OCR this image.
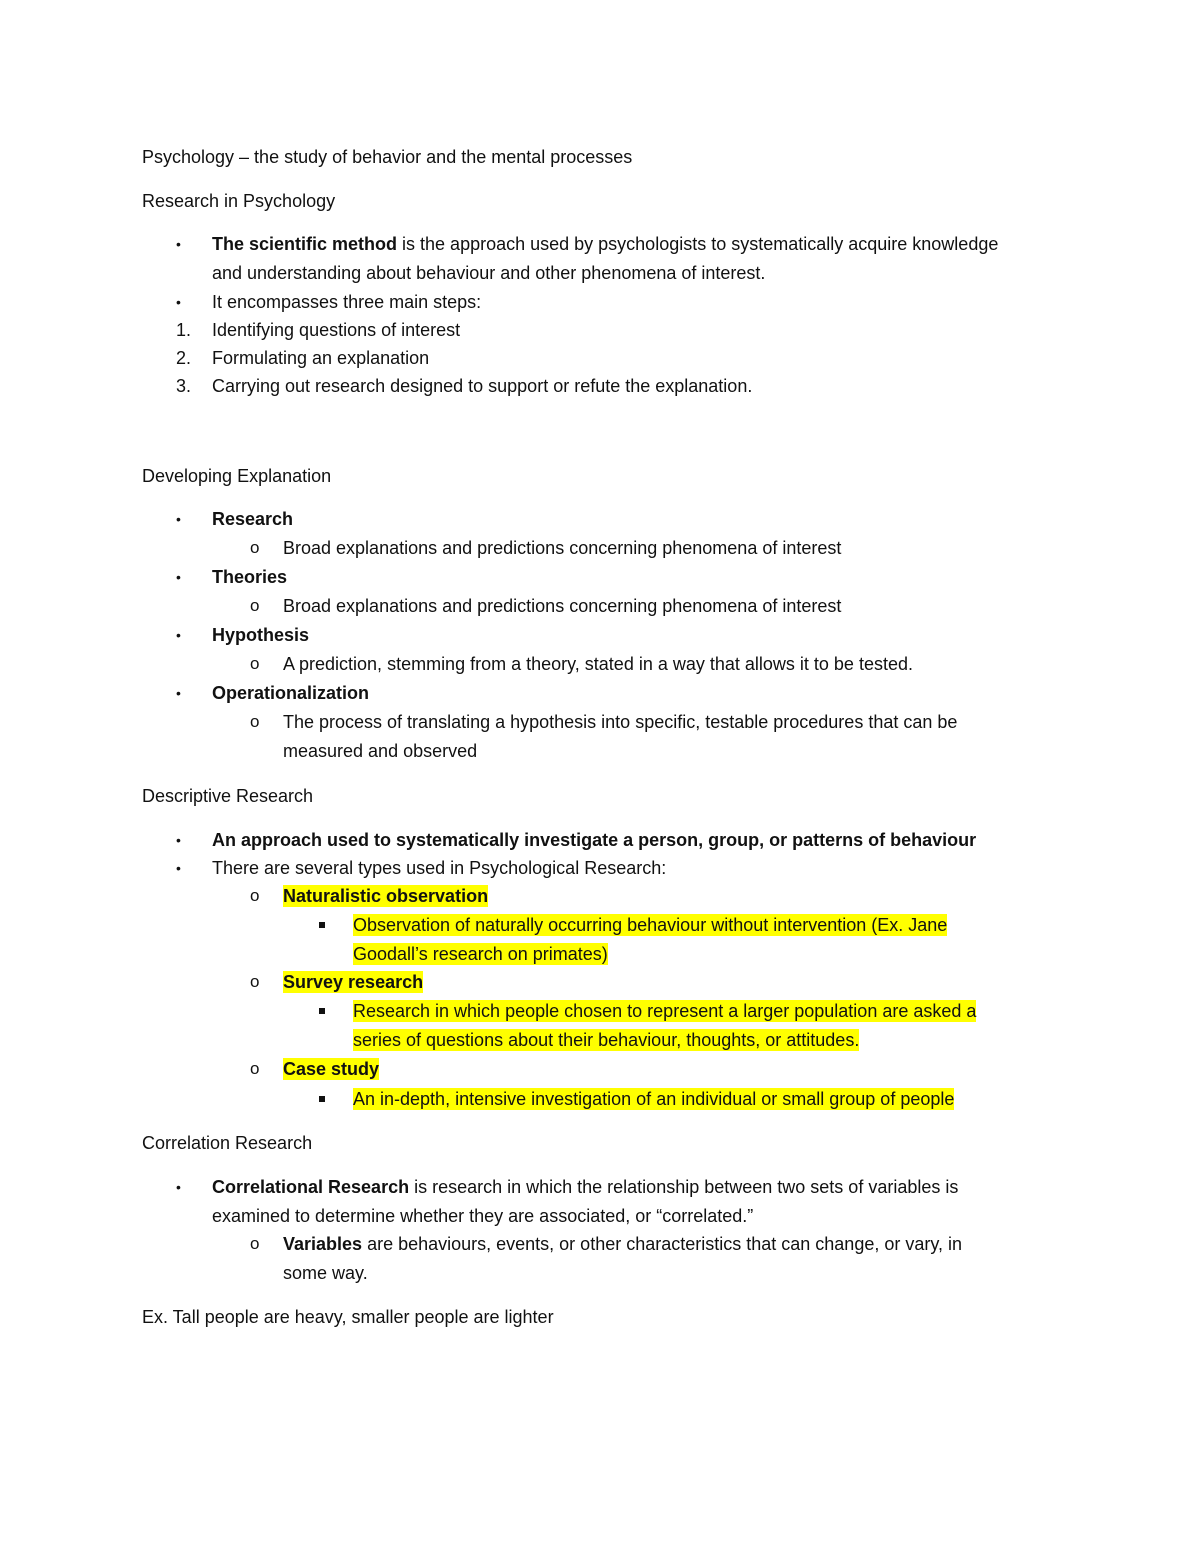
Psychology – the study of behavior and the mental processes
Research in Psychology
• The scientific method is the approach used by psychologists to systematically acquire knowledge
and understanding about behaviour and other phenomena of interest.
• It encompasses three main steps:
1. Identifying questions of interest
2. Formulating an explanation
3. Carrying out research designed to support or refute the explanation.
Developing Explanation
• Research
o Broad explanations and predictions concerning phenomena of interest
• Theories
o Broad explanations and predictions concerning phenomena of interest
• Hypothesis
o A prediction, stemming from a theory, stated in a way that allows it to be tested.
• Operationalization
o The process of translating a hypothesis into specific, testable procedures that can be
measured and observed
Descriptive Research
• An approach used to systematically investigate a person, group, or patterns of behaviour
• There are several types used in Psychological Research:
o Naturalistic observation
Observation of naturally occurring behaviour without intervention (Ex. Jane
Goodall’s research on primates)
o Survey research
Research in which people chosen to represent a larger population are asked a
series of questions about their behaviour, thoughts, or attitudes.
o Case study
An in-depth, intensive investigation of an individual or small group of people
Correlation Research
• Correlational Research is research in which the relationship between two sets of variables is
examined to determine whether they are associated, or “correlated.”
o Variables are behaviours, events, or other characteristics that can change, or vary, in
some way.
Ex. Tall people are heavy, smaller people are lighter
